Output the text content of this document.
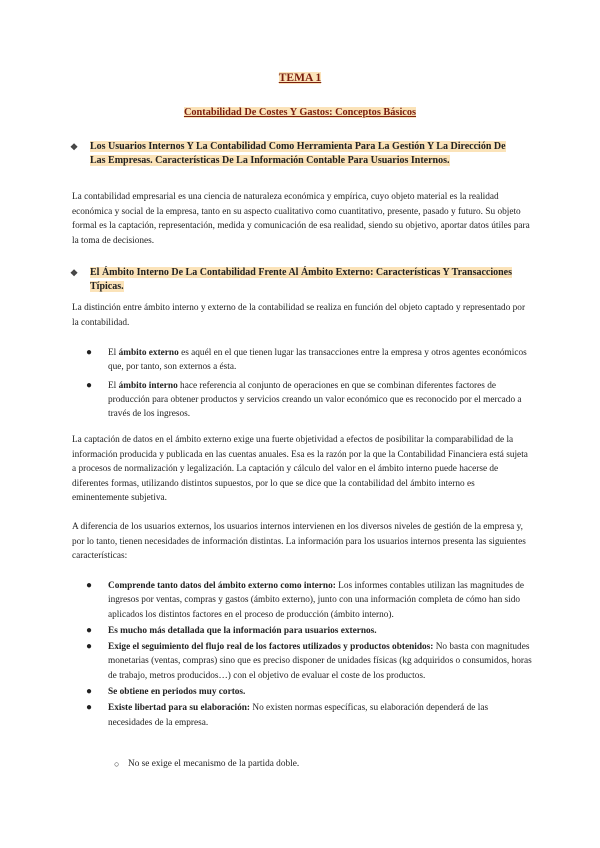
TEMA 1
Contabilidad De Costes Y Gastos: Conceptos Básicos
❖ Los Usuarios Internos Y La Contabilidad Como Herramienta Para La Gestión Y La Dirección De Las Empresas. Características De La Información Contable Para Usuarios Internos.

La contabilidad empresarial es una ciencia de naturaleza económica y empírica, cuyo objeto material es la realidad económica y social de la empresa, tanto en su aspecto cualitativo como cuantitativo, presente, pasado y futuro. Su objeto formal es la captación, representación, medida y comunicación de esa realidad, siendo su objetivo, aportar datos útiles para la toma de decisiones.

❖ El Ámbito Interno De La Contabilidad Frente Al Ámbito Externo: Características Y Transacciones Típicas.

La distinción entre ámbito interno y externo de la contabilidad se realiza en función del objeto captado y representado por la contabilidad.

● El ámbito externo es aquél en el que tienen lugar las transacciones entre la empresa y otros agentes económicos que, por tanto, son externos a ésta.
● El ámbito interno hace referencia al conjunto de operaciones en que se combinan diferentes factores de producción para obtener productos y servicios creando un valor económico que es reconocido por el mercado a través de los ingresos.

La captación de datos en el ámbito externo exige una fuerte objetividad a efectos de posibilitar la comparabilidad de la información producida y publicada en las cuentas anuales. Esa es la razón por la que la Contabilidad Financiera está sujeta a procesos de normalización y legalización. La captación y cálculo del valor en el ámbito interno puede hacerse de diferentes formas, utilizando distintos supuestos, por lo que se dice que la contabilidad del ámbito interno es eminentemente subjetiva.

A diferencia de los usuarios externos, los usuarios internos intervienen en los diversos niveles de gestión de la empresa y, por lo tanto, tienen necesidades de información distintas. La información para los usuarios internos presenta las siguientes características:

● Comprende tanto datos del ámbito externo como interno: Los informes contables utilizan las magnitudes de ingresos por ventas, compras y gastos (ámbito externo), junto con una información completa de cómo han sido aplicados los distintos factores en el proceso de producción (ámbito interno).
● Es mucho más detallada que la información para usuarios externos.
● Exige el seguimiento del flujo real de los factores utilizados y productos obtenidos: No basta con magnitudes monetarias (ventas, compras) sino que es preciso disponer de unidades físicas (kg adquiridos o consumidos, horas de trabajo, metros producidos…) con el objetivo de evaluar el coste de los productos.
● Se obtiene en periodos muy cortos.
● Existe libertad para su elaboración: No existen normas específicas, su elaboración dependerá de las necesidades de la empresa.
○ No se exige el mecanismo de la partida doble.
